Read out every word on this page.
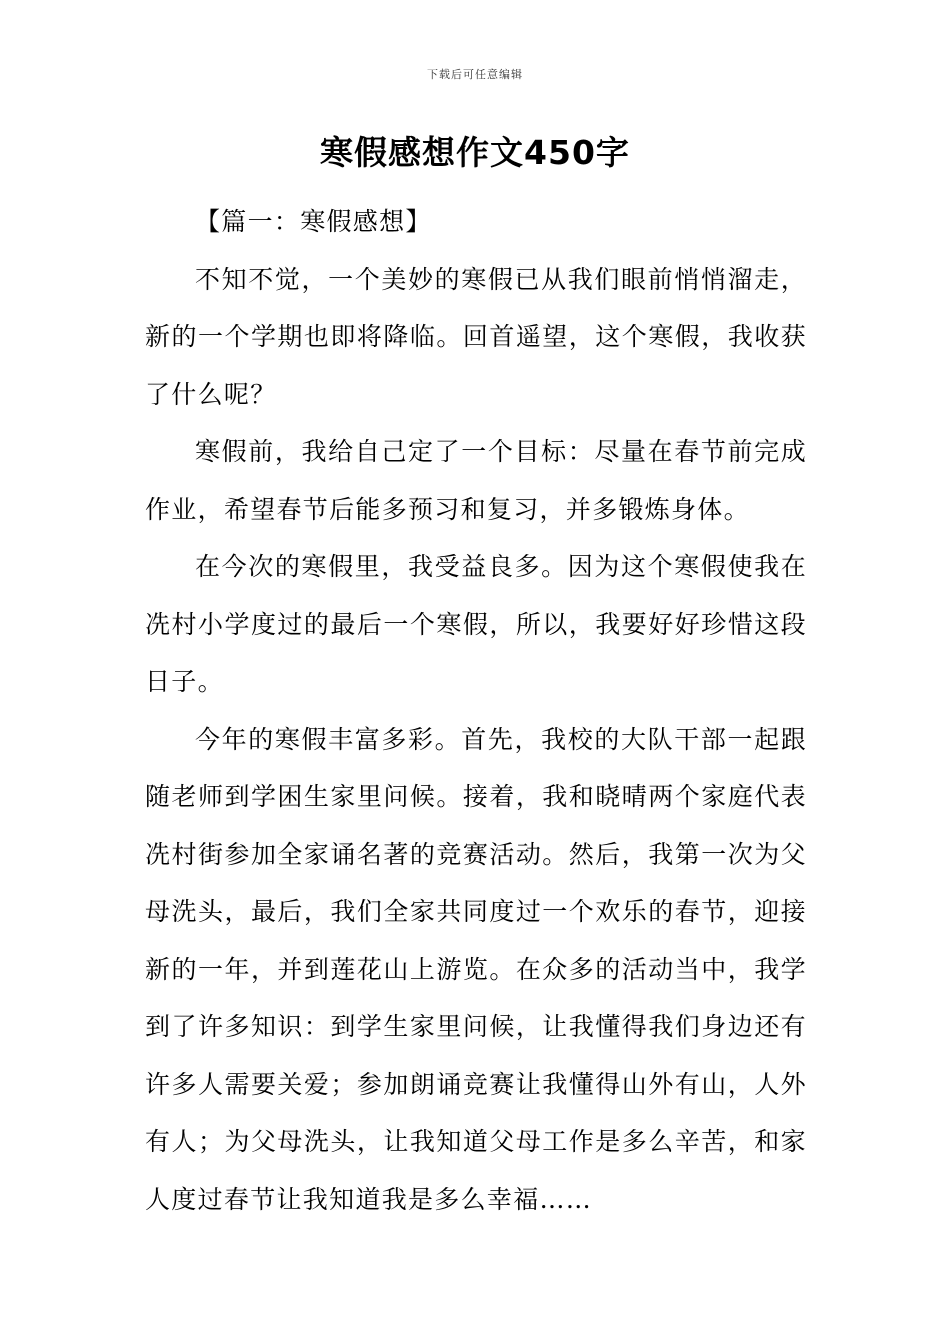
下载后可任意编辑
寒假感想作文450字
【篇一：寒假感想】

不知不觉，一个美妙的寒假已从我们眼前悄悄溜走，新的一个学期也即将降临。回首遥望，这个寒假，我收获了什么呢？

寒假前，我给自己定了一个目标：尽量在春节前完成作业，希望春节后能多预习和复习，并多锻炼身体。

在今次的寒假里，我受益良多。因为这个寒假使我在冼村小学度过的最后一个寒假，所以，我要好好珍惜这段日子。

今年的寒假丰富多彩。首先，我校的大队干部一起跟随老师到学困生家里问候。接着，我和晓晴两个家庭代表冼村街参加全家诵名著的竞赛活动。然后，我第一次为父母洗头，最后，我们全家共同度过一个欢乐的春节，迎接新的一年，并到莲花山上游览。在众多的活动当中，我学到了许多知识：到学生家里问候，让我懂得我们身边还有许多人需要关爱；参加朗诵竞赛让我懂得山外有山，人外有人；为父母洗头，让我知道父母工作是多么辛苦，和家人度过春节让我知道我是多么幸福……
